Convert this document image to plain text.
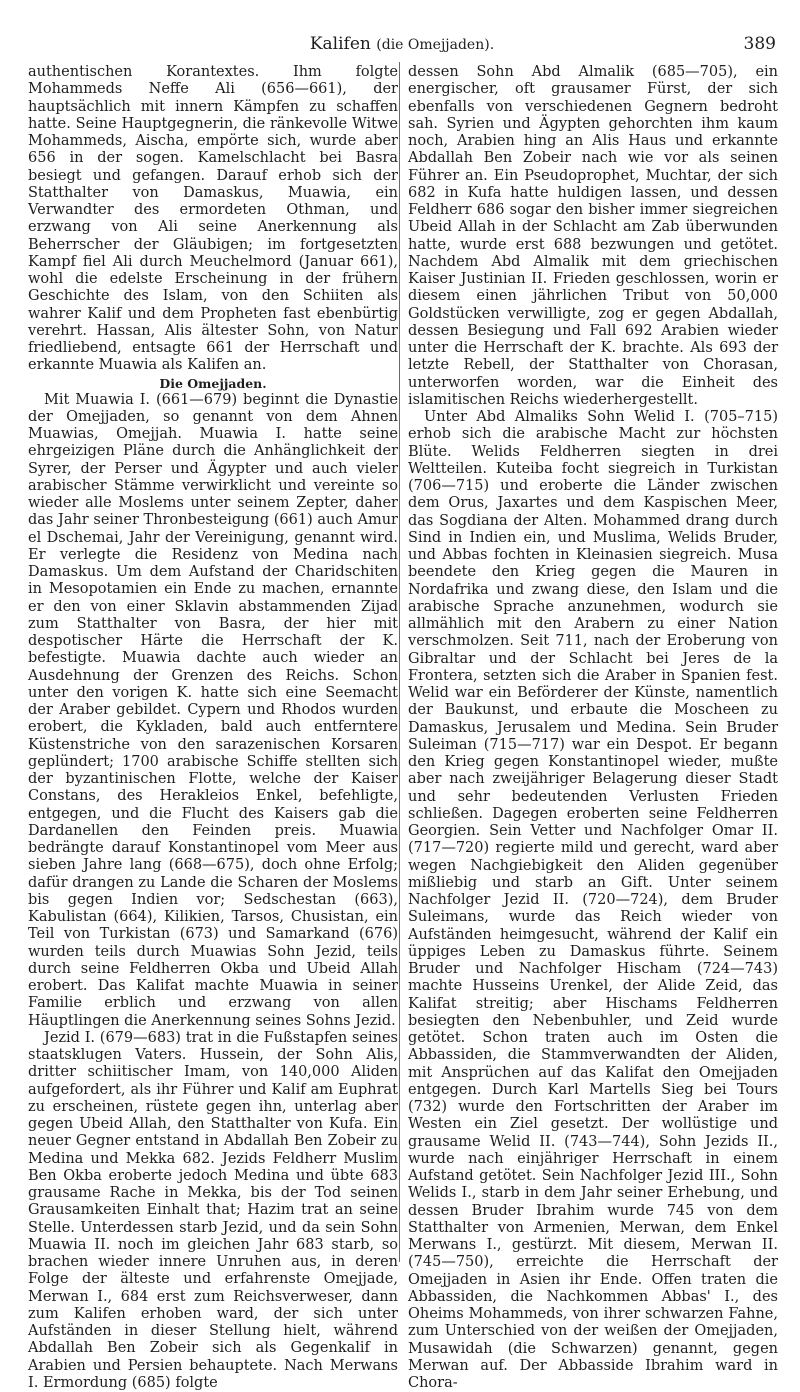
Kalifen (die Omejjaden).	389

authentischen Korantextes. Ihm folgte Mohammeds Neffe Ali (656—661), der hauptsächlich mit innern Kämpfen zu schaffen hatte. Seine Hauptgegnerin, die ränkevolle Witwe Mohammeds, Aischa, empörte sich, wurde aber 656 in der sogen. Kamelschlacht bei Basra besiegt und gefangen. Darauf erhob sich der Statthalter von Damaskus, Muawia, ein Verwandter des ermordeten Othman, und erzwang von Ali seine Anerkennung als Beherrscher der Gläubigen; im fortgesetzten Kampf fiel Ali durch Meuchelmord (Januar 661), wohl die edelste Erscheinung in der frühern Geschichte des Islam, von den Schiiten als wahrer Kalif und dem Propheten fast ebenbürtig verehrt. Hassan, Alis ältester Sohn, von Natur friedliebend, entsagte 661 der Herrschaft und erkannte Muawia als Kalifen an.

Die Omejjaden.

Mit Muawia I. (661—679) beginnt die Dynastie der Omejjaden, so genannt von dem Ahnen Muawias, Omejjah. Muawia I. hatte seine ehrgeizigen Pläne durch die Anhänglichkeit der Syrer, der Perser und Ägypter und auch vieler arabischer Stämme verwirklicht und vereinte so wieder alle Moslems unter seinem Zepter, daher das Jahr seiner Thronbesteigung (661) auch Amur el Dschemai, Jahr der Vereinigung, genannt wird. Er verlegte die Residenz von Medina nach Damaskus. Um dem Aufstand der Charidschiten in Mesopotamien ein Ende zu machen, ernannte er den von einer Sklavin abstammenden Zijad zum Statthalter von Basra, der hier mit despotischer Härte die Herrschaft der K. befestigte. Muawia dachte auch wieder an Ausdehnung der Grenzen des Reichs. Schon unter den vorigen K. hatte sich eine Seemacht der Araber gebildet. Cypern und Rhodos wurden erobert, die Kykladen, bald auch entferntere Küstenstriche von den sarazenischen Korsaren geplündert; 1700 arabische Schiffe stellten sich der byzantinischen Flotte, welche der Kaiser Constans, des Herakleios Enkel, befehligte, entgegen, und die Flucht des Kaisers gab die Dardanellen den Feinden preis. Muawia bedrängte darauf Konstantinopel vom Meer aus sieben Jahre lang (668—675), doch ohne Erfolg; dafür drangen zu Lande die Scharen der Moslems bis gegen Indien vor; Sedschestan (663), Kabulistan (664), Kilikien, Tarsos, Chusistan, ein Teil von Turkistan (673) und Samarkand (676) wurden teils durch Muawias Sohn Jezid, teils durch seine Feldherren Okba und Ubeid Allah erobert. Das Kalifat machte Muawia in seiner Familie erblich und erzwang von allen Häuptlingen die Anerkennung seines Sohns Jezid.

Jezid I. (679—683) trat in die Fußstapfen seines staatsklugen Vaters. Hussein, der Sohn Alis, dritter schiitischer Imam, von 140,000 Aliden aufgefordert, als ihr Führer und Kalif am Euphrat zu erscheinen, rüstete gegen ihn, unterlag aber gegen Ubeid Allah, den Statthalter von Kufa. Ein neuer Gegner entstand in Abdallah Ben Zobeir zu Medina und Mekka 682. Jezids Feldherr Muslim Ben Okba eroberte jedoch Medina und übte 683 grausame Rache in Mekka, bis der Tod seinen Grausamkeiten Einhalt that; Hazim trat an seine Stelle. Unterdessen starb Jezid, und da sein Sohn Muawia II. noch im gleichen Jahr 683 starb, so brachen wieder innere Unruhen aus, in deren Folge der älteste und erfahrenste Omejjade, Merwan I., 684 erst zum Reichsverweser, dann zum Kalifen erhoben ward, der sich unter Aufständen in dieser Stellung hielt, während Abdallah Ben Zobeir sich als Gegenkalif in Arabien und Persien behauptete. Nach Merwans I. Ermordung (685) folgte

dessen Sohn Abd Almalik (685—705), ein energischer, oft grausamer Fürst, der sich ebenfalls von verschiedenen Gegnern bedroht sah. Syrien und Ägypten gehorchten ihm kaum noch, Arabien hing an Alis Haus und erkannte Abdallah Ben Zobeir nach wie vor als seinen Führer an. Ein Pseudoprophet, Muchtar, der sich 682 in Kufa hatte huldigen lassen, und dessen Feldherr 686 sogar den bisher immer siegreichen Ubeid Allah in der Schlacht am Zab überwunden hatte, wurde erst 688 bezwungen und getötet. Nachdem Abd Almalik mit dem griechischen Kaiser Justinian II. Frieden geschlossen, worin er diesem einen jährlichen Tribut von 50,000 Goldstücken verwilligte, zog er gegen Abdallah, dessen Besiegung und Fall 692 Arabien wieder unter die Herrschaft der K. brachte. Als 693 der letzte Rebell, der Statthalter von Chorasan, unterworfen worden, war die Einheit des islamitischen Reichs wiederhergestellt.

Unter Abd Almaliks Sohn Welid I. (705–715) erhob sich die arabische Macht zur höchsten Blüte. Welids Feldherren siegten in drei Weltteilen. Kuteiba focht siegreich in Turkistan (706—715) und eroberte die Länder zwischen dem Orus, Jaxartes und dem Kaspischen Meer, das Sogdiana der Alten. Mohammed drang durch Sind in Indien ein, und Muslima, Welids Bruder, und Abbas fochten in Kleinasien siegreich. Musa beendete den Krieg gegen die Mauren in Nordafrika und zwang diese, den Islam und die arabische Sprache anzunehmen, wodurch sie allmählich mit den Arabern zu einer Nation verschmolzen. Seit 711, nach der Eroberung von Gibraltar und der Schlacht bei Jeres de la Frontera, setzten sich die Araber in Spanien fest. Welid war ein Beförderer der Künste, namentlich der Baukunst, und erbaute die Moscheen zu Damaskus, Jerusalem und Medina. Sein Bruder Suleiman (715—717) war ein Despot. Er begann den Krieg gegen Konstantinopel wieder, mußte aber nach zweijähriger Belagerung dieser Stadt und sehr bedeutenden Verlusten Frieden schließen. Dagegen eroberten seine Feldherren Georgien. Sein Vetter und Nachfolger Omar II. (717—720) regierte mild und gerecht, ward aber wegen Nachgiebigkeit den Aliden gegenüber mißliebig und starb an Gift. Unter seinem Nachfolger Jezid II. (720—724), dem Bruder Suleimans, wurde das Reich wieder von Aufständen heimgesucht, während der Kalif ein üppiges Leben zu Damaskus führte. Seinem Bruder und Nachfolger Hischam (724—743) machte Husseins Urenkel, der Alide Zeid, das Kalifat streitig; aber Hischams Feldherren besiegten den Nebenbuhler, und Zeid wurde getötet. Schon traten auch im Osten die Abbassiden, die Stammverwandten der Aliden, mit Ansprüchen auf das Kalifat den Omejjaden entgegen. Durch Karl Martells Sieg bei Tours (732) wurde den Fortschritten der Araber im Westen ein Ziel gesetzt. Der wollüstige und grausame Welid II. (743—744), Sohn Jezids II., wurde nach einjähriger Herrschaft in einem Aufstand getötet. Sein Nachfolger Jezid III., Sohn Welids I., starb in dem Jahr seiner Erhebung, und dessen Bruder Ibrahim wurde 745 von dem Statthalter von Armenien, Merwan, dem Enkel Merwans I., gestürzt. Mit diesem, Merwan II. (745—750), erreichte die Herrschaft der Omejjaden in Asien ihr Ende. Offen traten die Abbassiden, die Nachkommen Abbas' I., des Oheims Mohammeds, von ihrer schwarzen Fahne, zum Unterschied von der weißen der Omejjaden, Musawidah (die Schwarzen) genannt, gegen Merwan auf. Der Abbasside Ibrahim ward in Chora-
